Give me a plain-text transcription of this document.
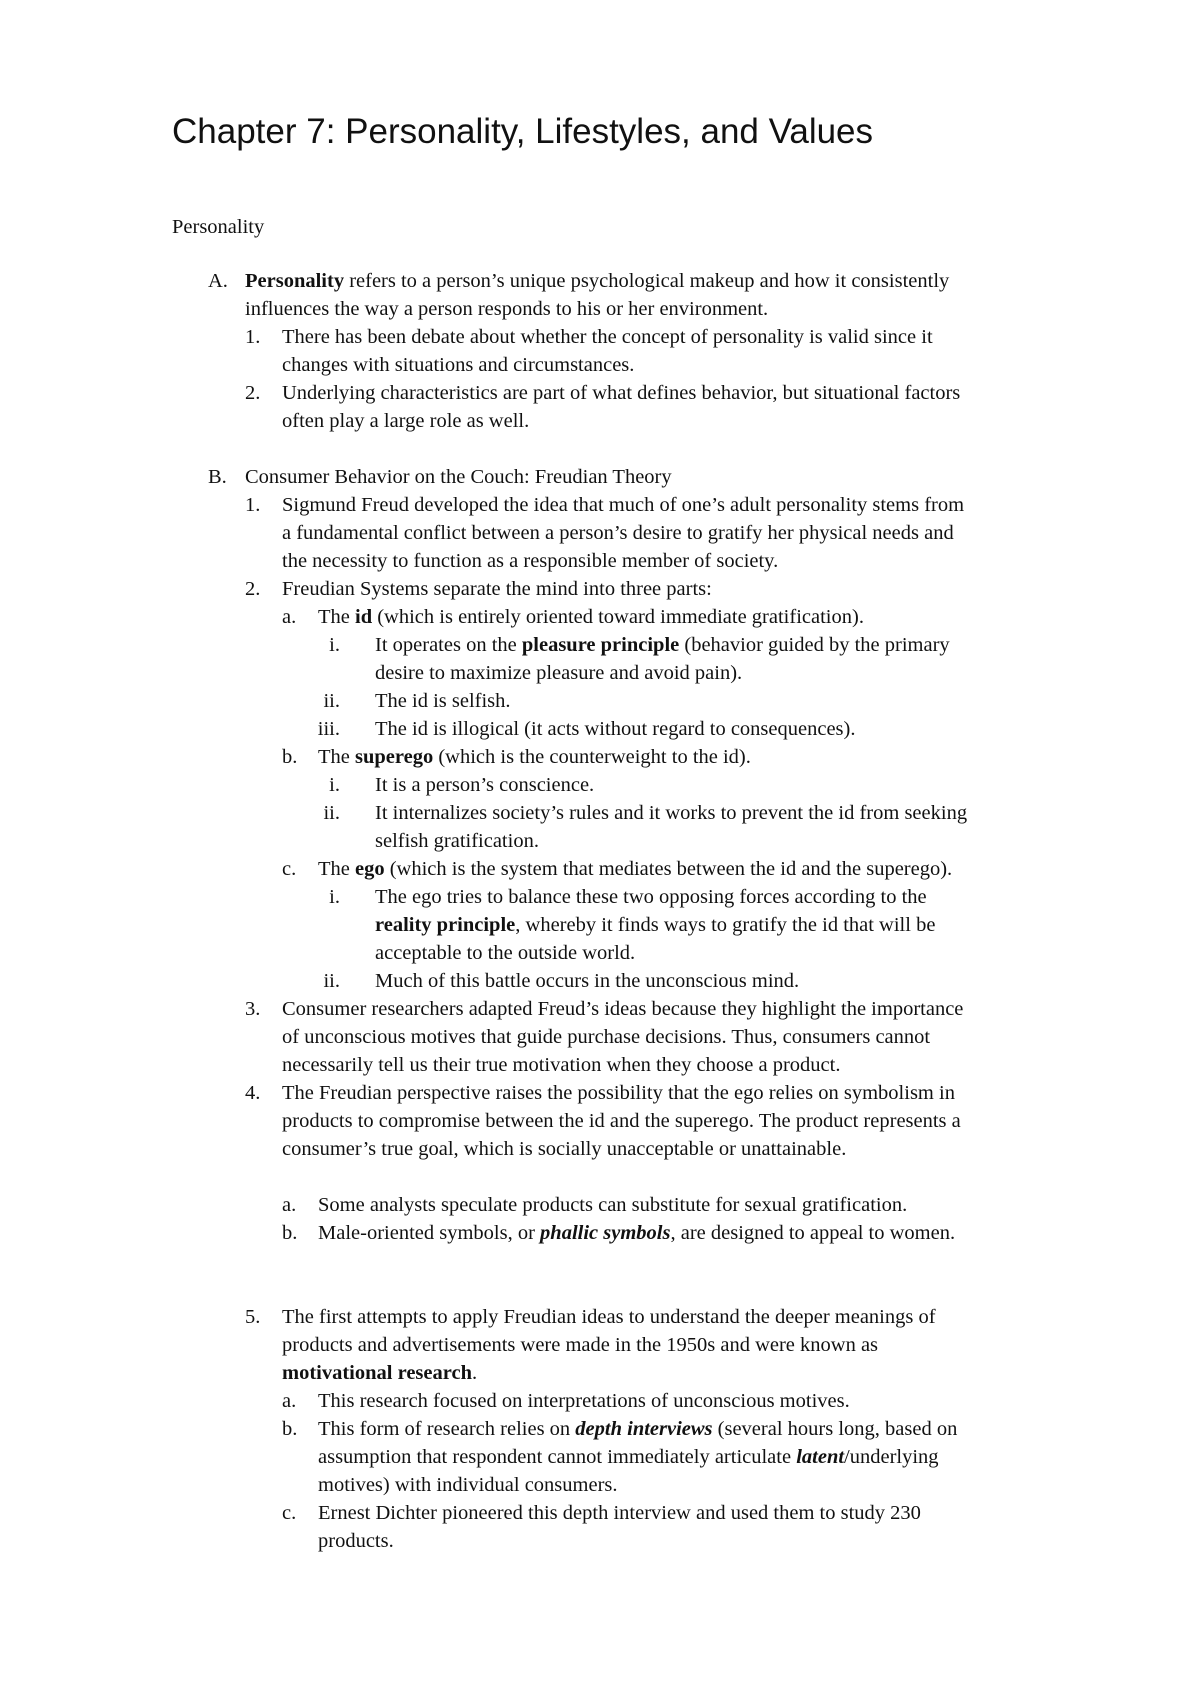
Chapter 7: Personality, Lifestyles, and Values
Personality
A. Personality refers to a person’s unique psychological makeup and how it consistently
influences the way a person responds to his or her environment.
1. There has been debate about whether the concept of personality is valid since it
changes with situations and circumstances.
2. Underlying characteristics are part of what defines behavior, but situational factors
often play a large role as well.
B. Consumer Behavior on the Couch: Freudian Theory
1. Sigmund Freud developed the idea that much of one’s adult personality stems from
a fundamental conflict between a person’s desire to gratify her physical needs and
the necessity to function as a responsible member of society.
2. Freudian Systems separate the mind into three parts:
a. The id (which is entirely oriented toward immediate gratification).
i. It operates on the pleasure principle (behavior guided by the primary
desire to maximize pleasure and avoid pain).
ii. The id is selfish.
iii. The id is illogical (it acts without regard to consequences).
b. The superego (which is the counterweight to the id).
i. It is a person’s conscience.
ii. It internalizes society’s rules and it works to prevent the id from seeking
selfish gratification.
c. The ego (which is the system that mediates between the id and the superego).
i. The ego tries to balance these two opposing forces according to the
reality principle, whereby it finds ways to gratify the id that will be
acceptable to the outside world.
ii. Much of this battle occurs in the unconscious mind.
3. Consumer researchers adapted Freud’s ideas because they highlight the importance
of unconscious motives that guide purchase decisions. Thus, consumers cannot
necessarily tell us their true motivation when they choose a product.
4. The Freudian perspective raises the possibility that the ego relies on symbolism in
products to compromise between the id and the superego. The product represents a
consumer’s true goal, which is socially unacceptable or unattainable.
a. Some analysts speculate products can substitute for sexual gratification.
b. Male-oriented symbols, or phallic symbols, are designed to appeal to women.
5. The first attempts to apply Freudian ideas to understand the deeper meanings of
products and advertisements were made in the 1950s and were known as
motivational research.
a. This research focused on interpretations of unconscious motives.
b. This form of research relies on depth interviews (several hours long, based on
assumption that respondent cannot immediately articulate latent/underlying
motives) with individual consumers.
c. Ernest Dichter pioneered this depth interview and used them to study 230
products.
